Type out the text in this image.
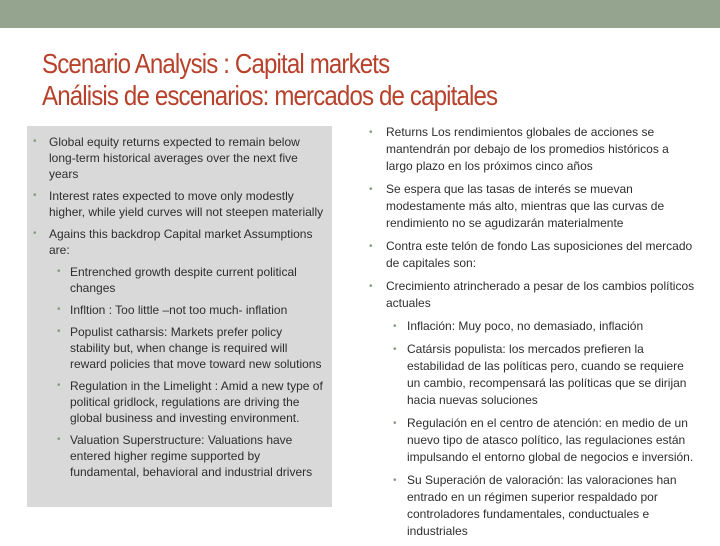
Scenario Analysis : Capital markets
Análisis de escenarios: mercados de capitales
• Global equity returns expected to remain below long-term historical averages over the next five years
• Interest rates expected to move only modestly higher, while yield curves will not steepen materially
• Agains this backdrop Capital market Assumptions are:
• Entrenched growth despite current political changes
• Infltion : Too little –not too much- inflation
• Populist catharsis: Markets prefer policy stability but, when change is required will reward policies that move toward new solutions
• Regulation in the Limelight : Amid a new type of political gridlock, regulations are driving the global business and investing environment.
• Valuation Superstructure: Valuations have entered higher regime supported by fundamental, behavioral and industrial drivers
• Returns Los rendimientos globales de acciones se mantendrán por debajo de los promedios históricos a largo plazo en los próximos cinco años
• Se espera que las tasas de interés se muevan modestamente más alto, mientras que las curvas de rendimiento no se agudizarán materialmente
• Contra este telón de fondo Las suposiciones del mercado de capitales son:
• Crecimiento atrincherado a pesar de los cambios políticos actuales
• Inflación: Muy poco, no demasiado, inflación
• Catársis populista: los mercados prefieren la estabilidad de las políticas pero, cuando se requiere un cambio, recompensará las políticas que se dirijan hacia nuevas soluciones
• Regulación en el centro de atención: en medio de un nuevo tipo de atasco político, las regulaciones están impulsando el entorno global de negocios e inversión.
• Su Superación de valoración: las valoraciones han entrado en un régimen superior respaldado por controladores fundamentales, conductuales e industriales
